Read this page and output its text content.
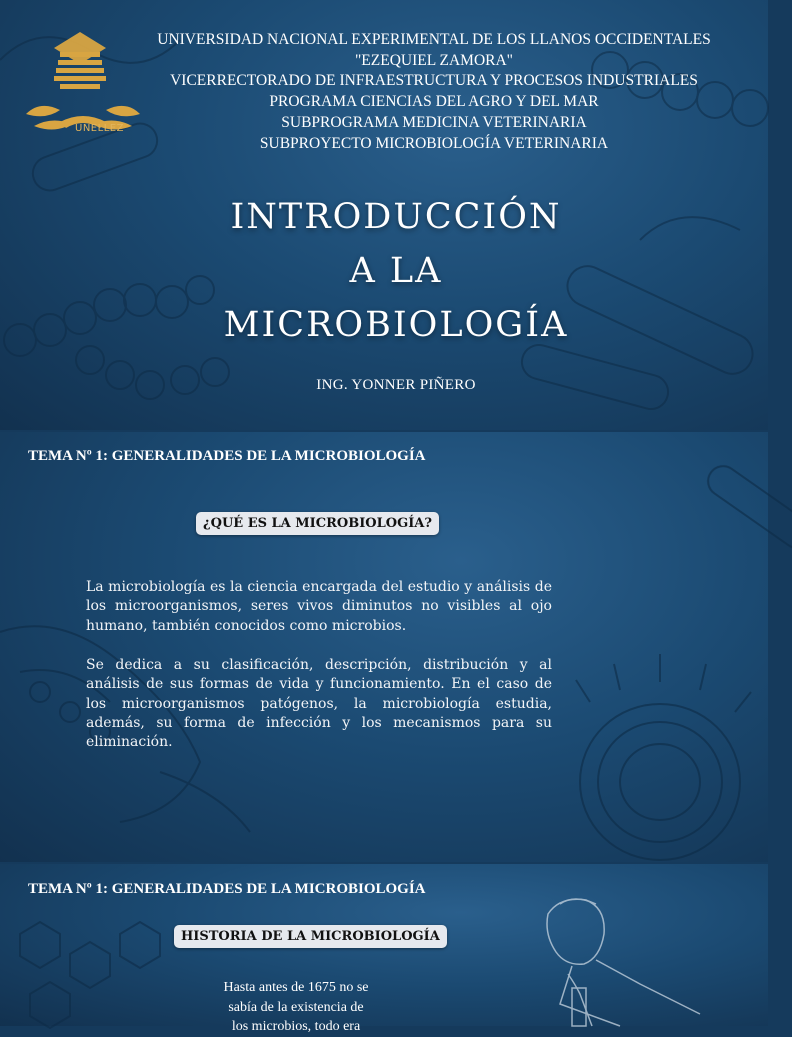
UNELLEZ
UNIVERSIDAD NACIONAL EXPERIMENTAL DE LOS LLANOS OCCIDENTALES
"EZEQUIEL ZAMORA"
VICERRECTORADO DE INFRAESTRUCTURA Y PROCESOS INDUSTRIALES
PROGRAMA CIENCIAS DEL AGRO Y DEL MAR
SUBPROGRAMA MEDICINA VETERINARIA
SUBPROYECTO MICROBIOLOGÍA VETERINARIA
INTRODUCCIÓN
A LA
MICROBIOLOGÍA
ING. YONNER PIÑERO
TEMA Nº 1: GENERALIDADES DE LA MICROBIOLOGÍA
¿QUÉ ES LA MICROBIOLOGÍA?

La microbiología es la ciencia encargada del estudio y análisis de los microorganismos, seres vivos diminutos no visibles al ojo humano, también conocidos como microbios.

Se dedica a su clasificación, descripción, distribución y al análisis de sus formas de vida y funcionamiento. En el caso de los microorganismos patógenos, la microbiología estudia, además, su forma de infección y los mecanismos para su eliminación.

TEMA Nº 1: GENERALIDADES DE LA MICROBIOLOGÍA
HISTORIA DE LA MICROBIOLOGÍA
Hasta antes de 1675 no se
sabía de la existencia de
los microbios, todo era
